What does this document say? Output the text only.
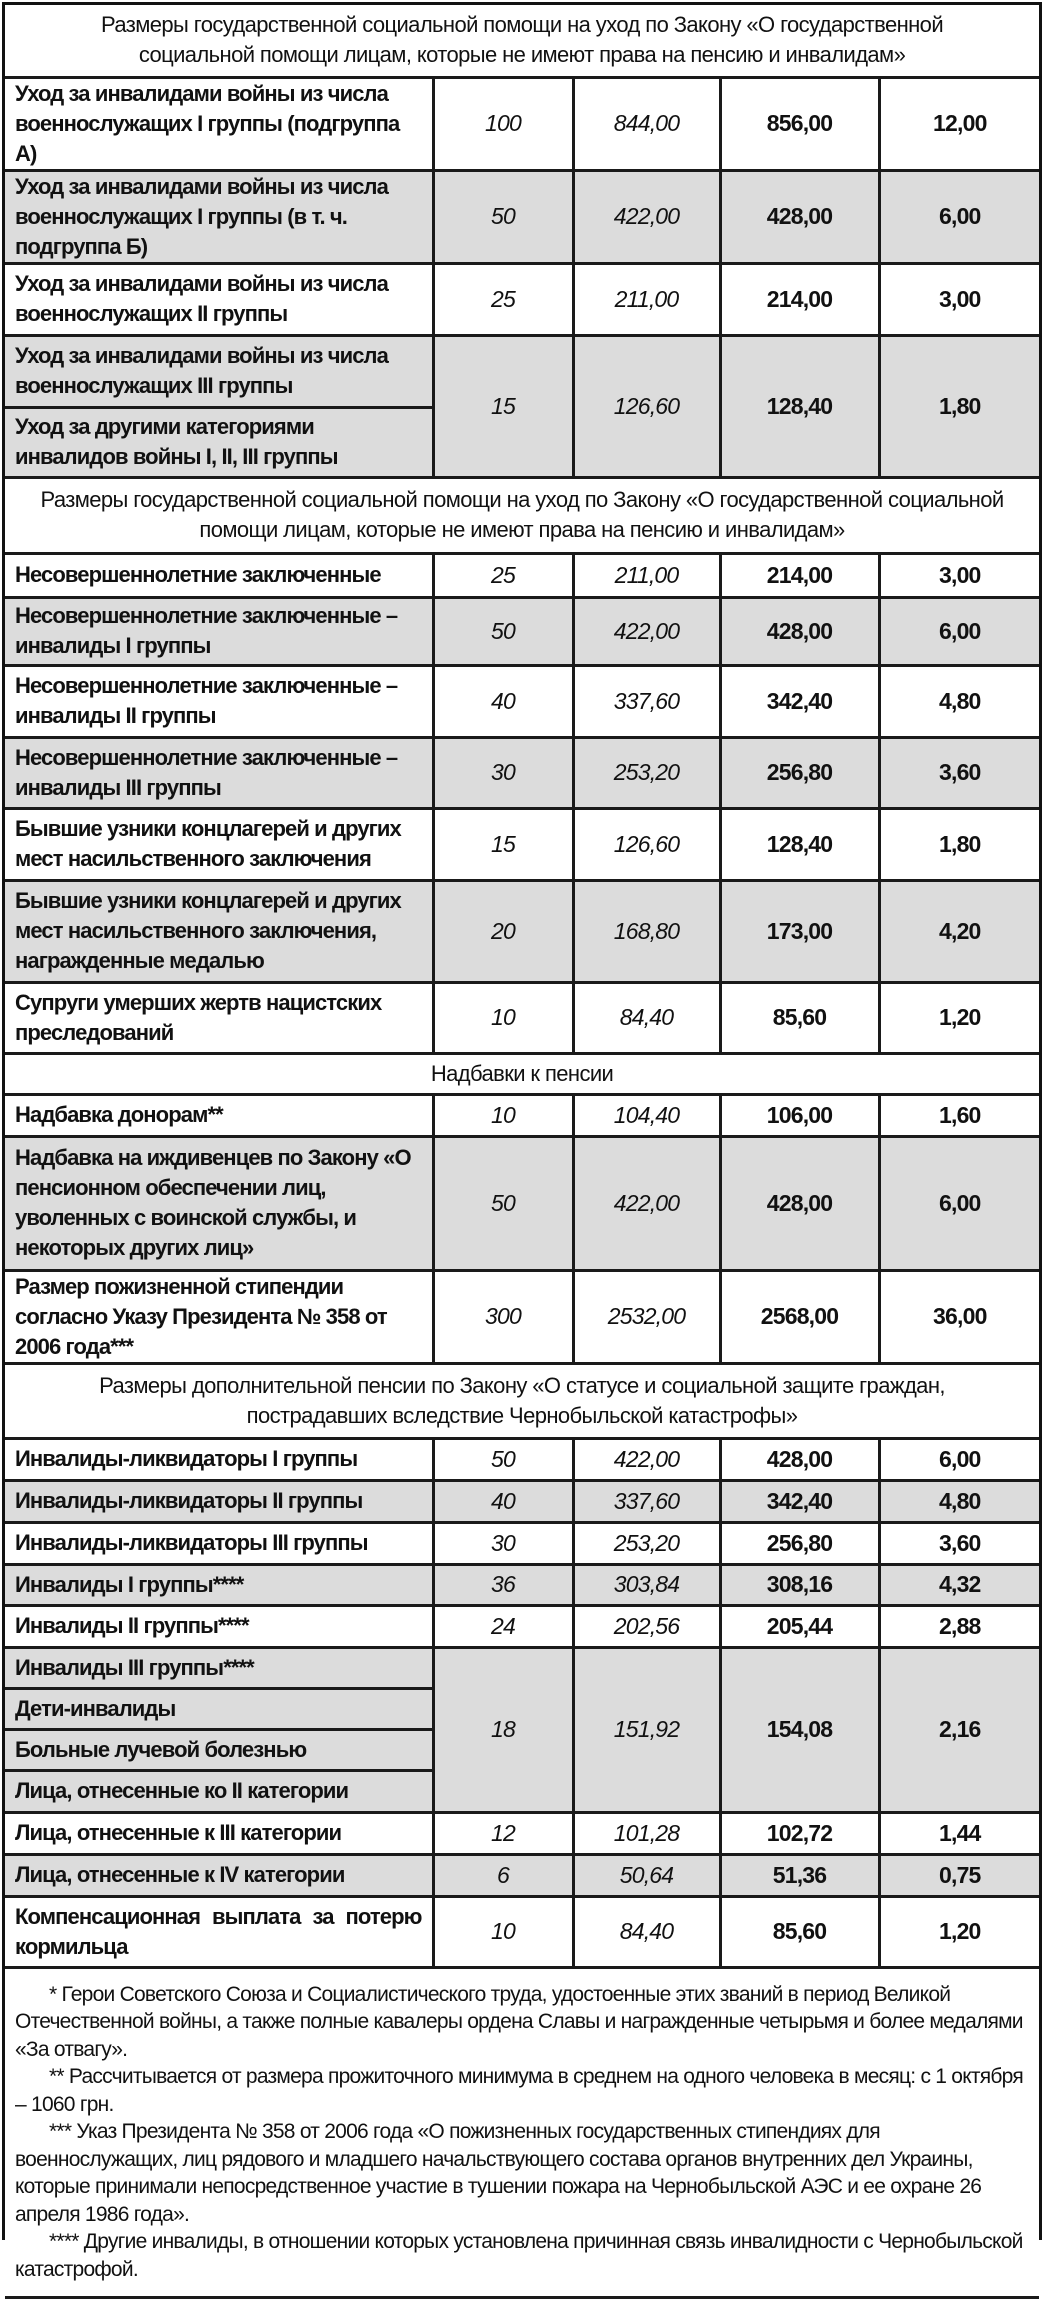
Размеры государственной социальной помощи на уход по Закону «О государственной социальной помощи лицам, которые не имеют права на пенсию и инвалидам»				
Уход за инвалидами войны из числа военнослужащих I группы (подгруппа А)	100	844,00	856,00	12,00
Уход за инвалидами войны из числа военнослужащих I группы (в т. ч. подгруппа Б)	50	422,00	428,00	6,00
Уход за инвалидами войны из числа военнослужащих II группы	25	211,00	214,00	3,00
Уход за инвалидами войны из числа военнослужащих III группы	15	126,60	128,40	1,80
Уход за другими категориями инвалидов войны I, II, III группы				
Размеры государственной социальной помощи на уход по Закону «О государственной социальной помощи лицам, которые не имеют права на пенсию и инвалидам»				
Несовершеннолетние заключенные	25	211,00	214,00	3,00
Несовершеннолетние заключенные – инвалиды I группы	50	422,00	428,00	6,00
Несовершеннолетние заключенные – инвалиды II группы	40	337,60	342,40	4,80
Несовершеннолетние заключенные – инвалиды III группы	30	253,20	256,80	3,60
Бывшие узники концлагерей и других мест насильственного заключения	15	126,60	128,40	1,80
Бывшие узники концлагерей и других мест насильственного заключения, награжденные медалью	20	168,80	173,00	4,20
Супруги умерших жертв нацистских преследований	10	84,40	85,60	1,20
Надбавки к пенсии				
Надбавка донорам**	10	104,40	106,00	1,60
Надбавка на иждивенцев по Закону «О пенсионном обеспечении лиц, уволенных с воинской службы, и некоторых других лиц»	50	422,00	428,00	6,00
Размер пожизненной стипендии согласно Указу Президента № 358 от 2006 года***	300	2532,00	2568,00	36,00
Размеры дополнительной пенсии по Закону «О статусе и социальной защите граждан, пострадавших вследствие Чернобыльской катастрофы»				
Инвалиды-ликвидаторы I группы	50	422,00	428,00	6,00
Инвалиды-ликвидаторы II группы	40	337,60	342,40	4,80
Инвалиды-ликвидаторы III группы	30	253,20	256,80	3,60
Инвалиды I группы****	36	303,84	308,16	4,32
Инвалиды II группы****	24	202,56	205,44	2,88
Инвалиды III группы****	18	151,92	154,08	2,16
Дети-инвалиды				
Больные лучевой болезнью				
Лица, отнесенные ко II категории				
Лица, отнесенные к III категории	12	101,28	102,72	1,44
Лица, отнесенные к IV категории	6	50,64	51,36	0,75
Компенсационная выплата за потерю кормильца	10	84,40	85,60	1,20

* Герои Советского Союза и Социалистического труда, удостоенные этих званий в период Великой Отечественной войны, а также полные кавалеры ордена Славы и награжденные четырьмя и более медалями «За отвагу».
** Рассчитывается от размера прожиточного минимума в среднем на одного человека в месяц: с 1 октября – 1060 грн.
*** Указ Президента № 358 от 2006 года «О пожизненных государственных стипендиях для военнослужащих, лиц рядового и младшего начальствующего состава органов внутренних дел Украины, которые принимали непосредственное участие в тушении пожара на Чернобыльской АЭС и ее охране 26 апреля 1986 года».
**** Другие инвалиды, в отношении которых установлена причинная связь инвалидности с Чернобыльской катастрофой.				
